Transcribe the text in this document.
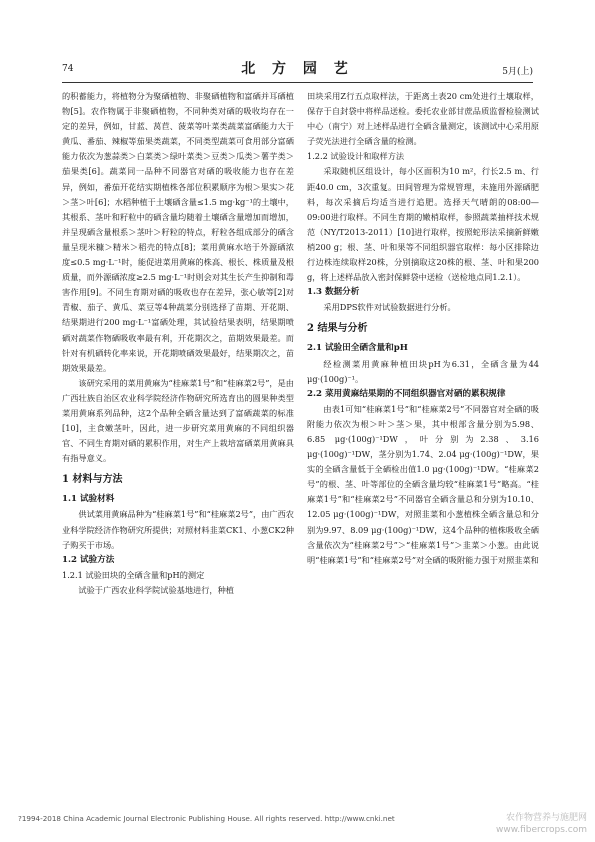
74	北 方 园 艺	5月(上)

的积蓄能力，将植物分为聚硒植物、非聚硒植物和富硒并耳硒植物[5]。农作物属于非聚硒植物，不同种类对硒的吸收均存在一定的差异，例如，甘蓝、莴苣、菠菜等叶菜类蔬菜富硒能力大于黄瓜、番茄、辣椒等茄果类蔬菜，不同类型蔬菜可食用部分富硒能力依次为葱蒜类＞白菜类＞绿叶菜类＞豆类＞瓜类＞薯芋类＞茄果类[6]。蔬菜同一品种不同器官对硒的吸收能力也存在差异，例如，番茄开花结实期植株各部位积累顺序为根＞果实＞花＞茎＞叶[6]；水稻种植于土壤硒含量≤1.5 mg·kg⁻¹的土壤中，其根系、茎叶和籽粒中的硒含量均随着土壤硒含量增加而增加，并呈现硒含量根系＞茎叶＞籽粒的特点，籽粒各组成部分的硒含量呈现米糠＞精米＞稻壳的特点[8]；菜用黄麻水培于外源硒浓度≤0.5 mg·L⁻¹时，能促进菜用黄麻的株高、根长、株质量及根质量，而外源硒浓度≥2.5 mg·L⁻¹时则会对其生长产生抑制和毒害作用[9]。不同生育期对硒的吸收也存在差异，张心敏等[2]对青椒、茄子、黄瓜、菜豆等4种蔬菜分别选择了苗期、开花期、结果期进行200 mg·L⁻¹富硒处理，其试验结果表明，结果期喷硒对蔬菜作物硒吸收率最有利，开花期次之，苗期效果最差。而针对有机硒转化率来说，开花期喷硒效果最好，结果期次之，苗期效果最差。

该研究采用的菜用黄麻为“桂麻菜1号”和“桂麻菜2号”，是由广西壮族自治区农业科学院经济作物研究所选育出的圆果种类型菜用黄麻系列品种，这2个品种全硒含量达到了富硒蔬菜的标准[10]，主食嫩茎叶，因此，进一步研究菜用黄麻的不同组织器官、不同生育期对硒的累积作用，对生产上栽培富硒菜用黄麻具有指导意义。

1 材料与方法
1.1 试验材料

供试菜用黄麻品种为“桂麻菜1号”和“桂麻菜2号”，由广西农业科学院经济作物研究所提供；对照材料韭菜CK1、小葱CK2种子购买于市场。

1.2 试验方法
1.2.1 试验田块的全硒含量和pH的测定

试验于广西农业科学院试验基地进行，种植

田块采用Z行五点取样法，于距离土表20 cm处进行土壤取样，保存于自封袋中将样品送检。委托农业部甘蔗品质监督检验测试中心（南宁）对上述样品进行全硒含量测定，该测试中心采用原子荧光法进行全硒含量的检测。

1.2.2 试验设计和取样方法

采取随机区组设计，每小区面积为10 m²，行长2.5 m、行距40.0 cm，3次重复。田间管理为常规管理，未施用外源硒肥料，每次采摘后均适当进行追肥。选择天气晴朗的08:00—09:00进行取样。不同生育期的嫩梢取样，参照蔬菜抽样技术规范（NY/T2013-2011）[10]进行取样，按照蛇形法采摘新鲜嫩梢200 g；根、茎、叶和果等不同组织器官取样：每小区排除边行边株连续取样20株，分别摘取这20株的根、茎、叶和果200 g，将上述样品放入密封保鲜袋中送检（送检地点同1.2.1）。

1.3 数据分析

采用DPS软件对试验数据进行分析。

2 结果与分析
2.1 试验田全硒含量和pH

经检测菜用黄麻种植田块pH为6.31，全硒含量为44 μg·(100g)⁻¹。

2.2 菜用黄麻结果期的不同组织器官对硒的累积规律

由表1可知“桂麻菜1号”和“桂麻菜2号”不同器官对全硒的吸附能力依次为根＞叶＞茎＞果，其中根部含量分别为5.98、6.85 μg·(100g)⁻¹DW，叶分别为2.38、3.16 μg·(100g)⁻¹DW，茎分别为1.74、2.04 μg·(100g)⁻¹DW，果实的全硒含量低于全硒检出值1.0 μg·(100g)⁻¹DW。“桂麻菜2号”的根、茎、叶等部位的全硒含量均较“桂麻菜1号”略高。“桂麻菜1号”和“桂麻菜2号”不同器官全硒含量总和分别为10.10、12.05 μg·(100g)⁻¹DW，对照韭菜和小葱植株全硒含量总和分别为9.97、8.09 μg·(100g)⁻¹DW，这4个品种的植株吸收全硒含量依次为“桂麻菜2号”＞“桂麻菜1号”＞韭菜＞小葱。由此说明“桂麻菜1号”和“桂麻菜2号”对全硒的吸附能力强于对照韭菜和

?1994-2018 China Academic Journal Electronic Publishing House. All rights reserved. http://www.cnki.net	农作物营养与施肥网
www.fibercrops.com
